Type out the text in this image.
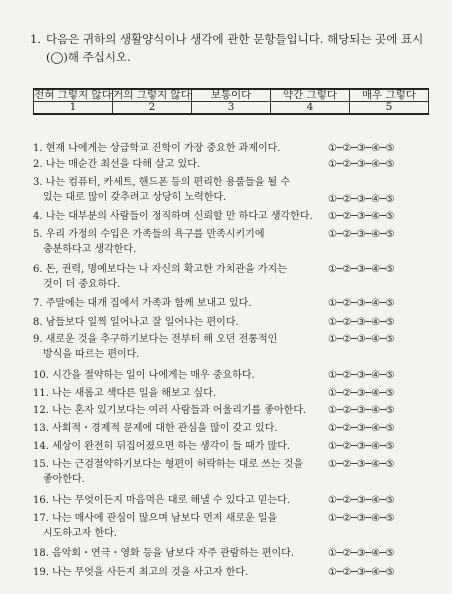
1. 다음은 귀하의 생활양식이나 생각에 관한 문항들입니다. 해당되는 곳에 표시(◯)해 주십시오.
전혀 그렇지 않다	거의 그렇지 않다	보통이다	약간 그렇다	매우 그렇다
1	2	3	4	5
1. 현재 나에게는 상급학교 진학이 가장 중요한 과제이다.	①─②─③─④─⑤
2. 나는 매순간 최선을 다해 살고 있다.	①─②─③─④─⑤
3. 나는 컴퓨터, 카세트, 핸드폰 등의 편리한 용품들을 될 수
있는 대로 많이 갖추려고 상당히 노력한다.	①─②─③─④─⑤
4. 나는 대부분의 사람들이 정직하며 신뢰할 만 하다고 생각한다.	①─②─③─④─⑤
5. 우리 가정의 수입은 가족들의 욕구를 만족시키기에
충분하다고 생각한다.
①─②─③─④─⑤
6. 돈, 권력, 명예보다는 나 자신의 확고한 가치관을 가지는
것이 더 중요하다.
①─②─③─④─⑤
7. 주말에는 대개 집에서 가족과 함께 보내고 있다.	①─②─③─④─⑤
8. 남들보다 일찍 일어나고 잘 일어나는 편이다.	①─②─③─④─⑤
9. 새로운 것을 추구하기보다는 전부터 해 오던 전통적인
방식을 따르는 편이다.
①─②─③─④─⑤
10. 시간을 절약하는 일이 나에게는 매우 중요하다.	①─②─③─④─⑤
11. 나는 새롭고 색다른 일을 해보고 싶다.	①─②─③─④─⑤
12. 나는 혼자 있기보다는 여러 사람들과 어울리기를 좋아한다.	①─②─③─④─⑤
13. 사회적・경제적 문제에 대한 관심을 많이 갖고 있다.	①─②─③─④─⑤
14. 세상이 완전히 뒤집어졌으면 하는 생각이 들 때가 많다.	①─②─③─④─⑤
15. 나는 근검절약하기보다는 형편이 허락하는 대로 쓰는 것을
좋아한다.
①─②─③─④─⑤
16. 나는 무엇이든지 마음먹은 대로 해낼 수 있다고 믿는다.	①─②─③─④─⑤
17. 나는 매사에 관심이 많으며 남보다 먼저 새로운 일을
시도하고자 한다.
①─②─③─④─⑤
18. 음악회・연극・영화 등을 남보다 자주 관람하는 편이다.	①─②─③─④─⑤
19. 나는 무엇을 사든지 최고의 것을 사고자 한다.	①─②─③─④─⑤
